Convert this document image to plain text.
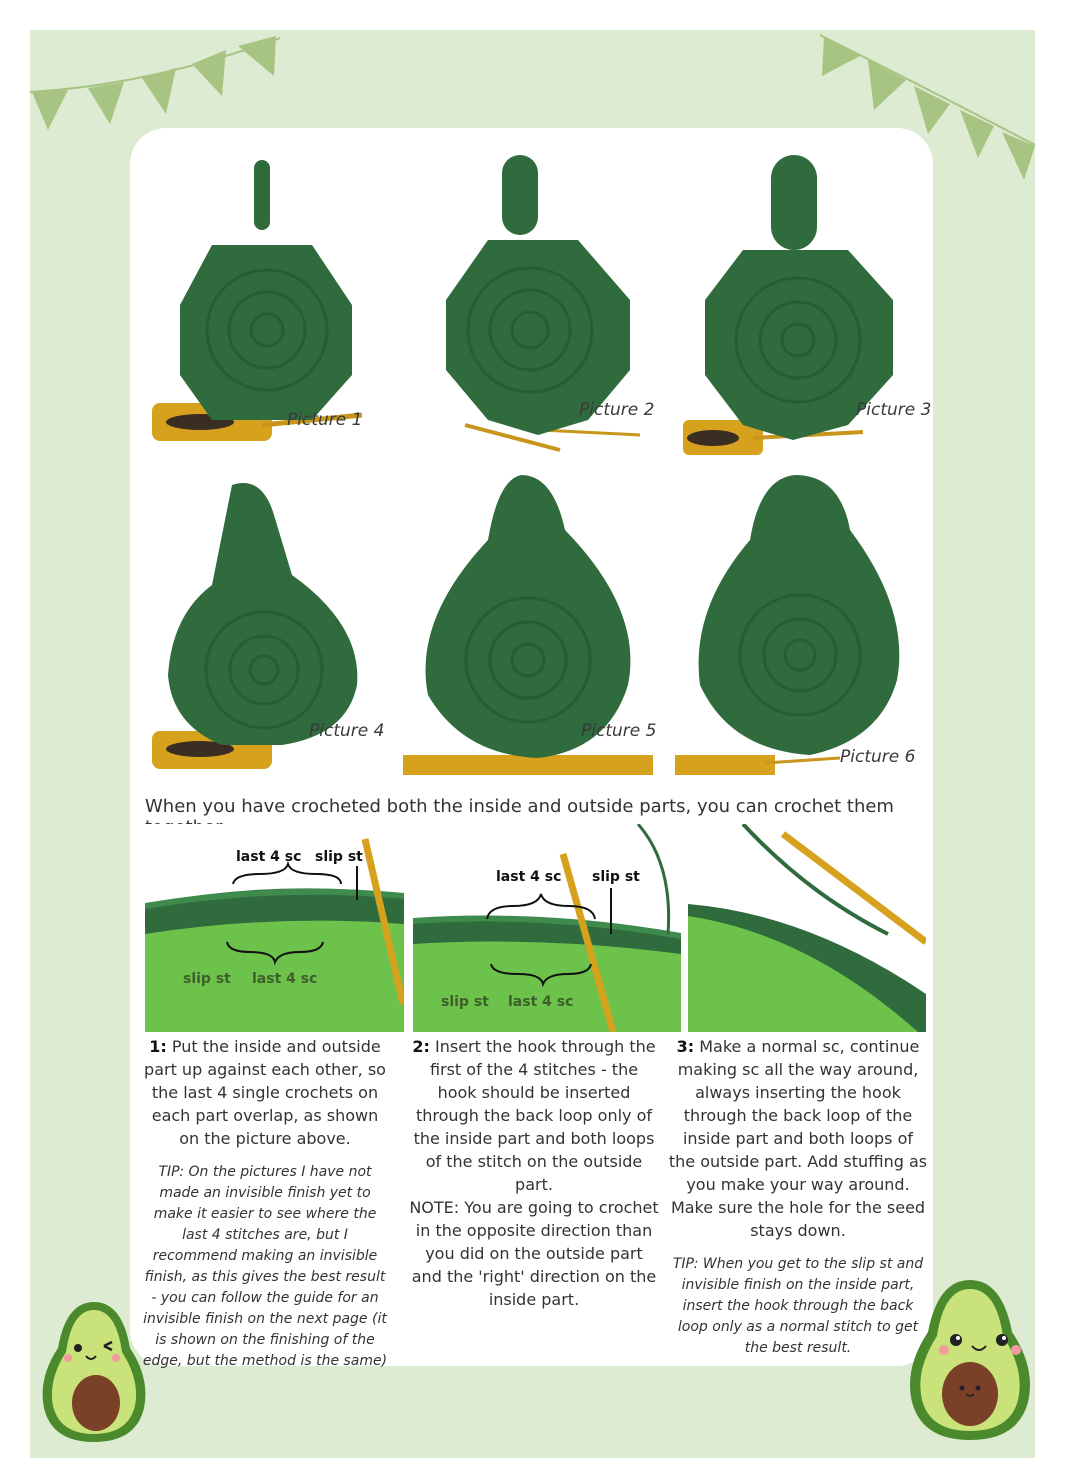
Picture 1	Picture 2	Picture 3
Picture 4	Picture 5
Picture 6
When you have crocheted both the inside and outside parts, you can crochet them
last 4 sc slip st
slip st last 4 sc
last 4 sc slip st
slip st last 4 sc
1: Put the inside and outside part up against each other, so the last 4 single crochets on each part overlap, as shown on the picture above.
TIP: On the pictures I have not made an invisible finish yet to make it easier to see where the last 4 stitches are, but I recommend making an invisible finish, as this gives the best result - you can follow the guide for an invisible finish on the next page (it is shown on the finishing of the edge, but the method is the same)
2: Insert the hook through the first of the 4 stitches - the hook should be inserted through the back loop only of the inside part and both loops of the stitch on the outside part.
NOTE: You are going to crochet in the opposite direction than you did on the outside part and the 'right' direction on the inside part.
3: Make a normal sc, continue making sc all the way around, always inserting the hook through the back loop of the inside part and both loops of the outside part. Add stuffing as you make your way around. Make sure the hole for the seed stays down.
TIP: When you get to the slip st and invisible finish on the inside part, insert the hook through the back loop only as a normal stitch to get the best result.
